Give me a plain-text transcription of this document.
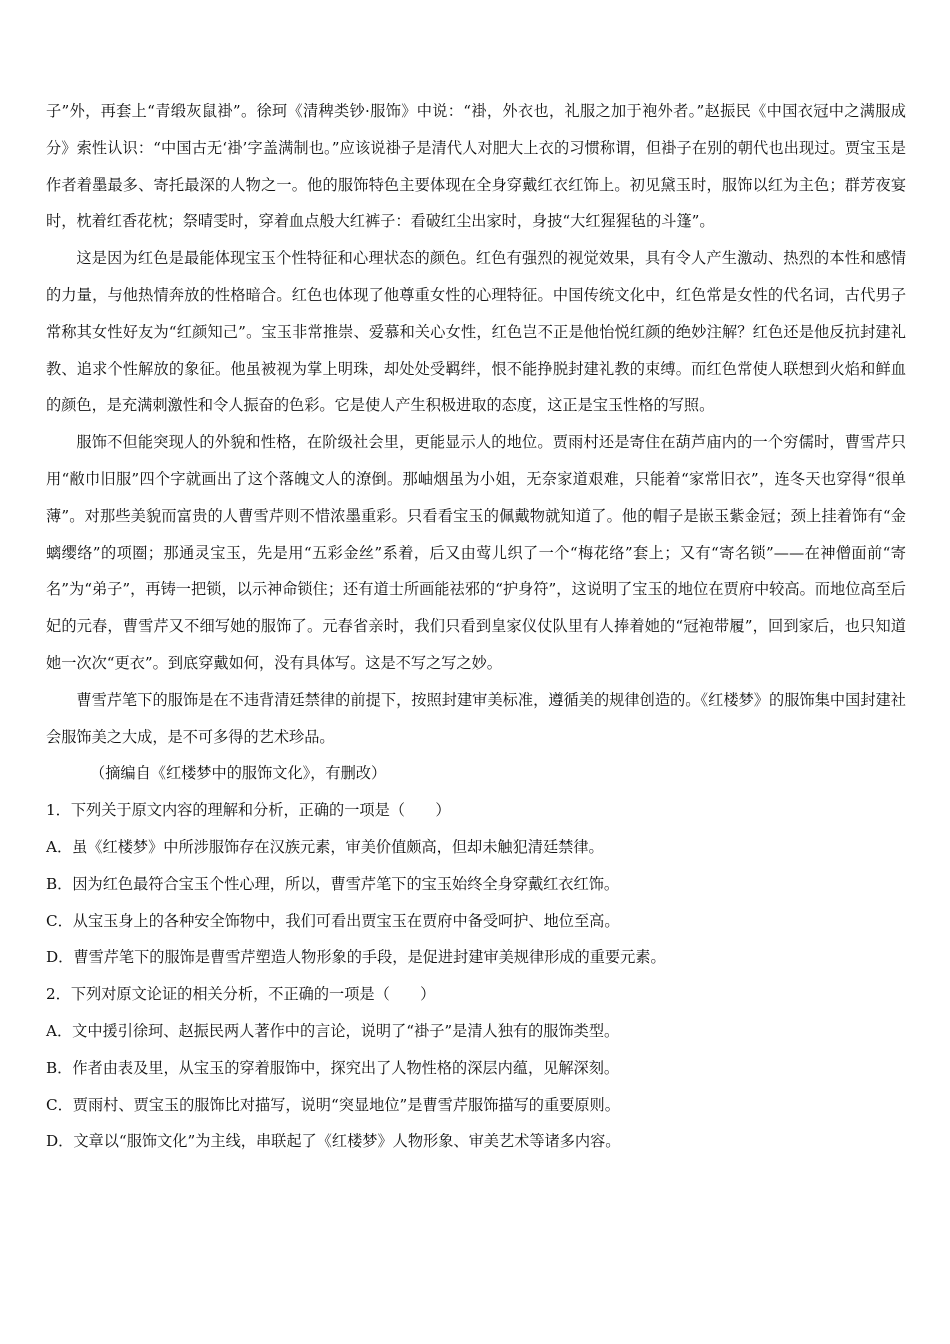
子”外，再套上“青缎灰鼠褂”。徐珂《清稗类钞·服饰》中说：“褂，外衣也，礼服之加于袍外者。”赵振民《中国衣冠中之满服成分》索性认识：“中国古无‘褂’字盖满制也。”应该说褂子是清代人对肥大上衣的习惯称谓，但褂子在别的朝代也出现过。贾宝玉是作者着墨最多、寄托最深的人物之一。他的服饰特色主要体现在全身穿戴红衣红饰上。初见黛玉时，服饰以红为主色；群芳夜宴时，枕着红香花枕；祭晴雯时，穿着血点般大红裤子：看破红尘出家时，身披“大红猩猩毡的斗篷”。

这是因为红色是最能体现宝玉个性特征和心理状态的颜色。红色有强烈的视觉效果，具有令人产生激动、热烈的本性和感情的力量，与他热情奔放的性格暗合。红色也体现了他尊重女性的心理特征。中国传统文化中，红色常是女性的代名词，古代男子常称其女性好友为“红颜知己”。宝玉非常推崇、爱慕和关心女性，红色岂不正是他怡悦红颜的绝妙注解？红色还是他反抗封建礼教、追求个性解放的象征。他虽被视为掌上明珠，却处处受羁绊，恨不能挣脱封建礼教的束缚。而红色常使人联想到火焰和鲜血的颜色，是充满刺激性和令人振奋的色彩。它是使人产生积极进取的态度，这正是宝玉性格的写照。

服饰不但能突现人的外貌和性格，在阶级社会里，更能显示人的地位。贾雨村还是寄住在葫芦庙内的一个穷儒时，曹雪芹只用“敝巾旧服”四个字就画出了这个落魄文人的潦倒。那岫烟虽为小姐，无奈家道艰难，只能着“家常旧衣”，连冬天也穿得“很单薄”。对那些美貌而富贵的人曹雪芹则不惜浓墨重彩。只看看宝玉的佩戴物就知道了。他的帽子是嵌玉紫金冠；颈上挂着饰有“金螭缨络”的项圈；那通灵宝玉，先是用“五彩金丝”系着，后又由莺儿织了一个“梅花络”套上；又有“寄名锁”——在神僧面前“寄名”为“弟子”，再铸一把锁，以示神命锁住；还有道士所画能祛邪的“护身符”，这说明了宝玉的地位在贾府中较高。而地位高至后妃的元春，曹雪芹又不细写她的服饰了。元春省亲时，我们只看到皇家仪仗队里有人捧着她的“冠袍带履”，回到家后，也只知道她一次次“更衣”。到底穿戴如何，没有具体写。这是不写之写之妙。

曹雪芹笔下的服饰是在不违背清廷禁律的前提下，按照封建审美标准，遵循美的规律创造的。《红楼梦》的服饰集中国封建社会服饰美之大成，是不可多得的艺术珍品。

（摘编自《红楼梦中的服饰文化》，有删改）

1．下列关于原文内容的理解和分析，正确的一项是（　　）
A．虽《红楼梦》中所涉服饰存在汉族元素，审美价值颇高，但却未触犯清廷禁律。
B．因为红色最符合宝玉个性心理，所以，曹雪芹笔下的宝玉始终全身穿戴红衣红饰。
C．从宝玉身上的各种安全饰物中，我们可看出贾宝玉在贾府中备受呵护、地位至高。
D．曹雪芹笔下的服饰是曹雪芹塑造人物形象的手段，是促进封建审美规律形成的重要元素。
2．下列对原文论证的相关分析，不正确的一项是（　　）
A．文中援引徐珂、赵振民两人著作中的言论，说明了“褂子”是清人独有的服饰类型。
B．作者由表及里，从宝玉的穿着服饰中，探究出了人物性格的深层内蕴，见解深刻。
C．贾雨村、贾宝玉的服饰比对描写，说明“突显地位”是曹雪芹服饰描写的重要原则。
D．文章以“服饰文化”为主线，串联起了《红楼梦》人物形象、审美艺术等诸多内容。
